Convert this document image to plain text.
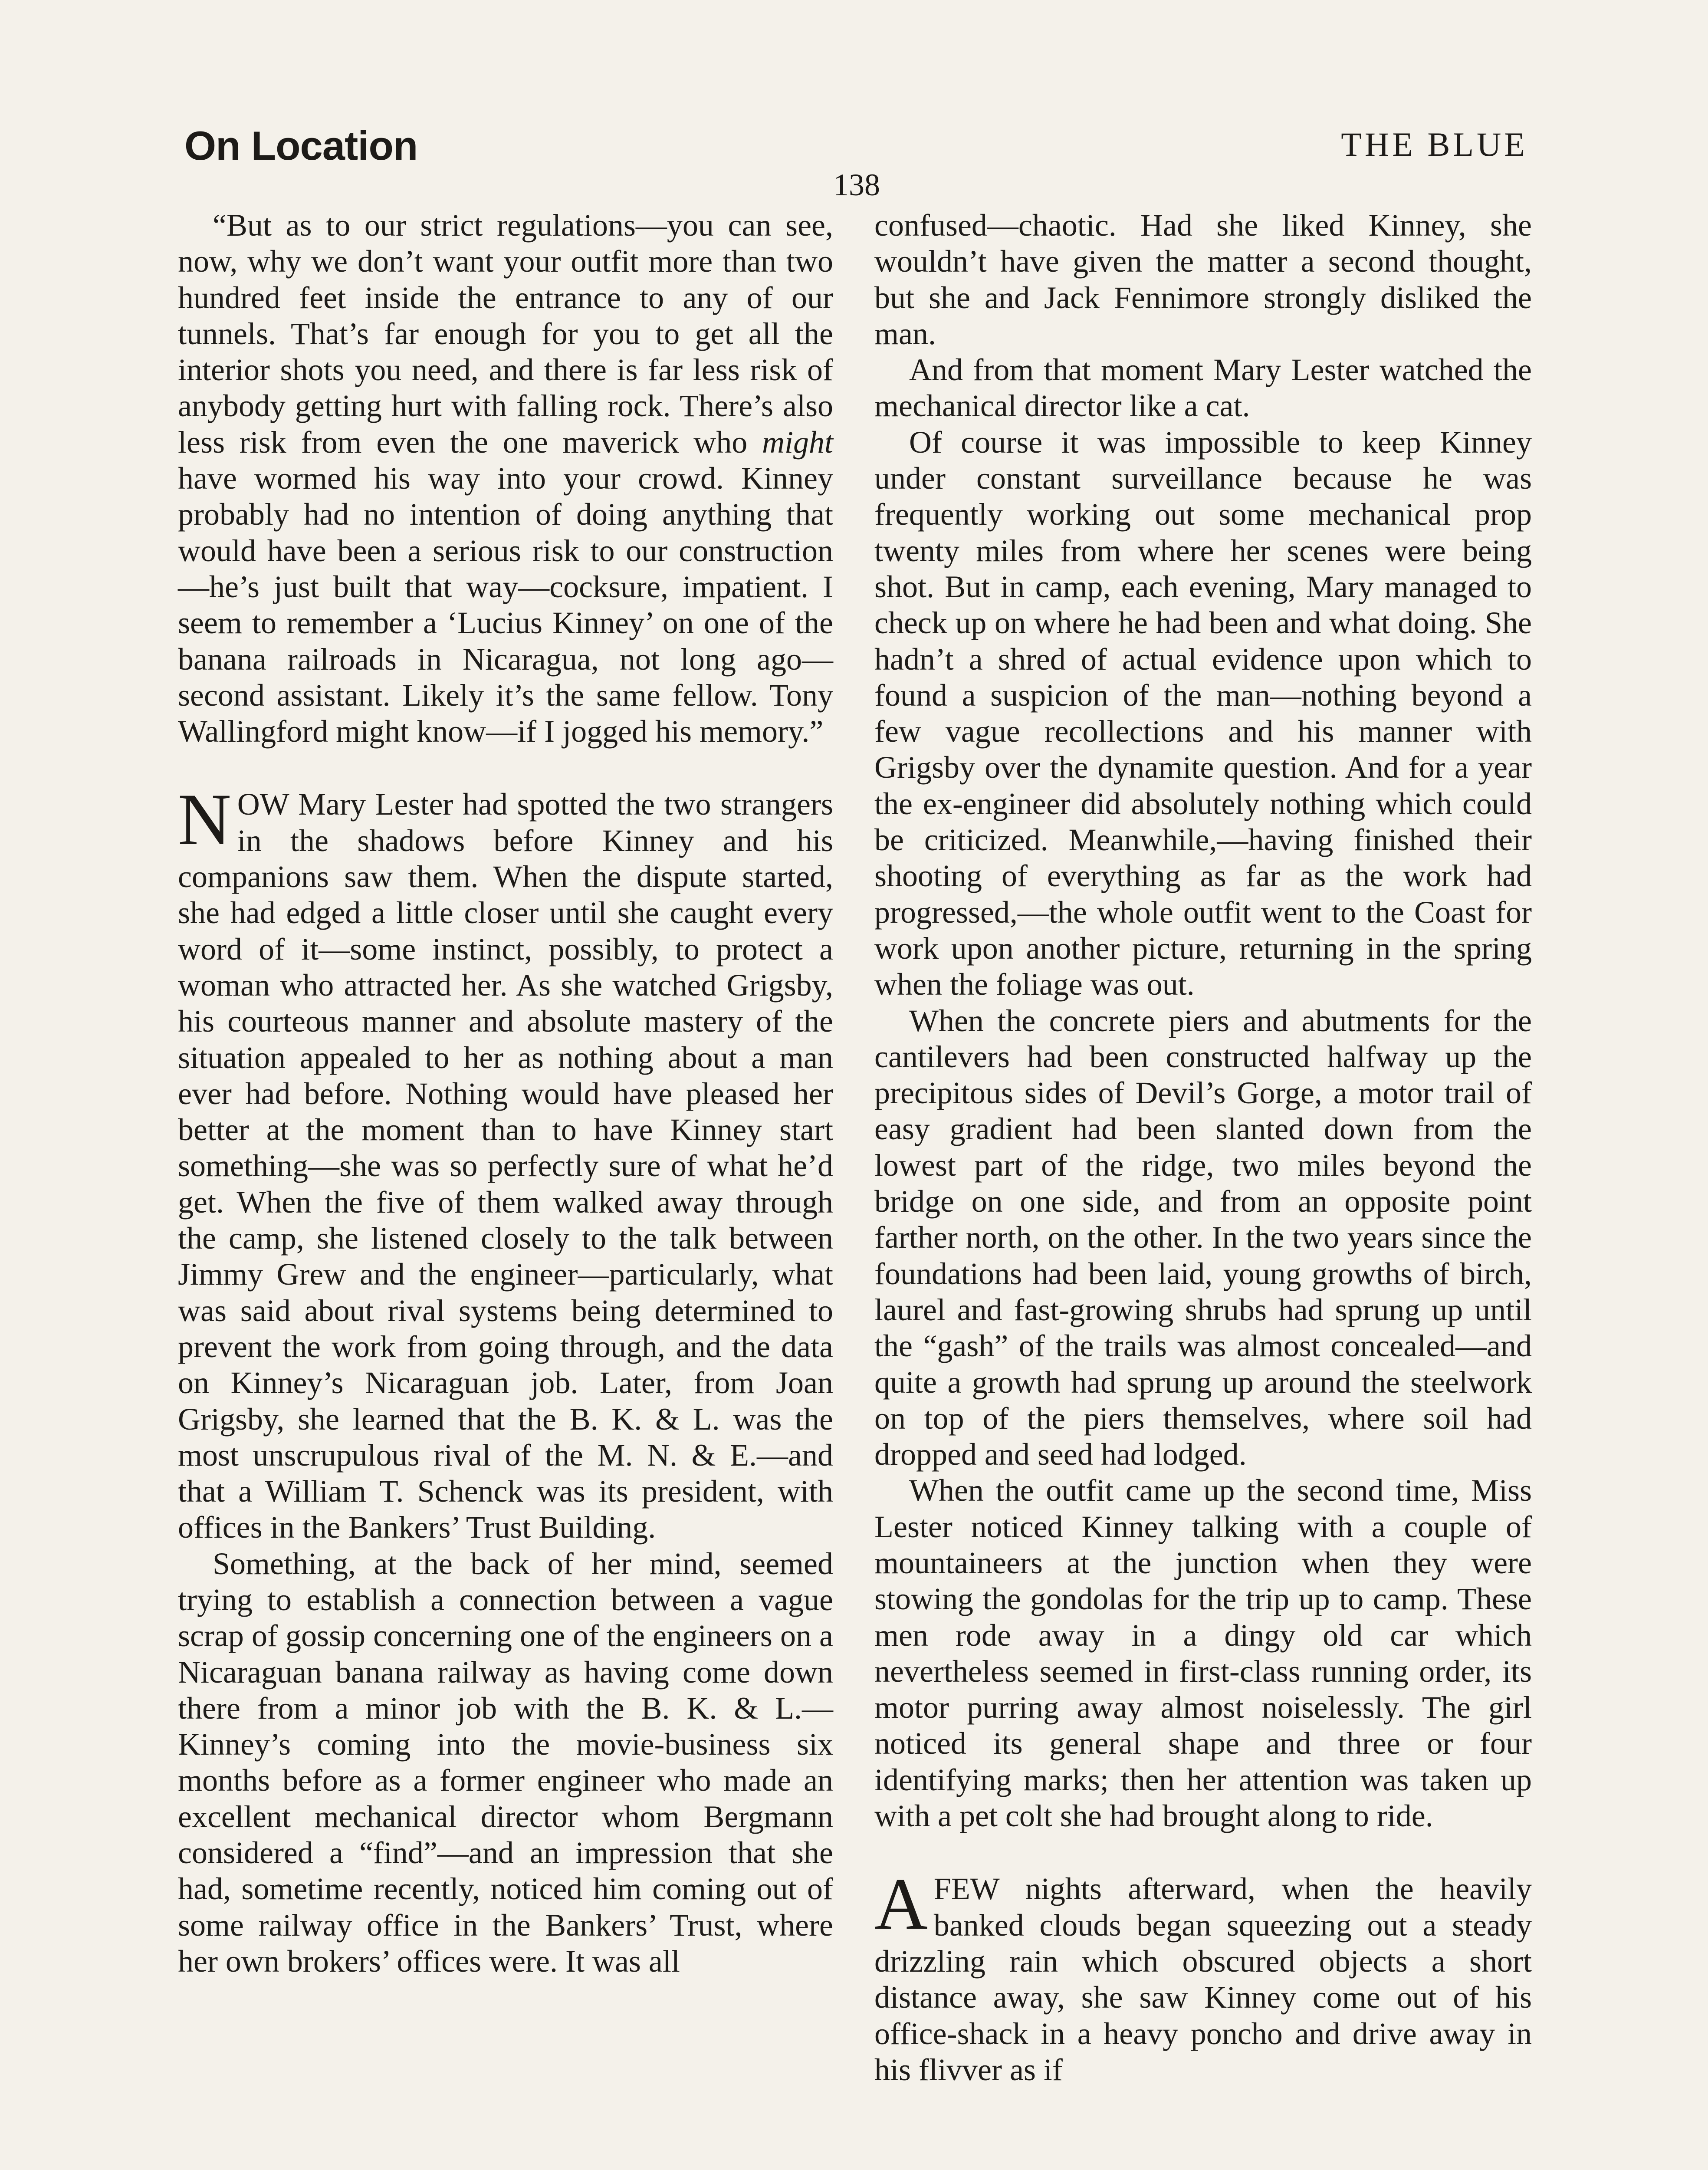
On Location	THE BLUE
138

“But as to our strict regulations—you can see, now, why we don’t want your outfit more than two hundred feet inside the entrance to any of our tunnels. That’s far enough for you to get all the interior shots you need, and there is far less risk of anybody getting hurt with falling rock. There’s also less risk from even the one maverick who might have wormed his way into your crowd. Kinney probably had no intention of doing anything that would have been a serious risk to our construction—he’s just built that way—cocksure, impatient. I seem to remember a ‘Lucius Kinney’ on one of the banana railroads in Nicaragua, not long ago—second assistant. Likely it’s the same fellow. Tony Wallingford might know—if I jogged his memory.”

NOW Mary Lester had spotted the two strangers in the shadows before Kinney and his companions saw them. When the dispute started, she had edged a little closer until she caught every word of it—some instinct, possibly, to protect a woman who attracted her. As she watched Grigsby, his courteous manner and absolute mastery of the situation appealed to her as nothing about a man ever had before. Nothing would have pleased her better at the moment than to have Kinney start something—she was so perfectly sure of what he’d get. When the five of them walked away through the camp, she listened closely to the talk between Jimmy Grew and the engineer—particularly, what was said about rival systems being determined to prevent the work from going through, and the data on Kinney’s Nicaraguan job. Later, from Joan Grigsby, she learned that the B. K. & L. was the most unscrupulous rival of the M. N. & E.—and that a William T. Schenck was its president, with offices in the Bankers’ Trust Building.

Something, at the back of her mind, seemed trying to establish a connection between a vague scrap of gossip concerning one of the engineers on a Nicaraguan banana railway as having come down there from a minor job with the B. K. & L.—Kinney’s coming into the movie-business six months before as a former engineer who made an excellent mechanical director whom Bergmann considered a “find”—and an impression that she had, sometime recently, noticed him coming out of some railway office in the Bankers’ Trust, where her own brokers’ offices were. It was all

confused—chaotic. Had she liked Kinney, she wouldn’t have given the matter a second thought, but she and Jack Fennimore strongly disliked the man.

And from that moment Mary Lester watched the mechanical director like a cat.

Of course it was impossible to keep Kinney under constant surveillance because he was frequently working out some mechanical prop twenty miles from where her scenes were being shot. But in camp, each evening, Mary managed to check up on where he had been and what doing. She hadn’t a shred of actual evidence upon which to found a suspicion of the man—nothing beyond a few vague recollections and his manner with Grigsby over the dynamite question. And for a year the ex-engineer did absolutely nothing which could be criticized. Meanwhile,—having finished their shooting of everything as far as the work had progressed,—the whole outfit went to the Coast for work upon another picture, returning in the spring when the foliage was out.

When the concrete piers and abutments for the cantilevers had been constructed halfway up the precipitous sides of Devil’s Gorge, a motor trail of easy gradient had been slanted down from the lowest part of the ridge, two miles beyond the bridge on one side, and from an opposite point farther north, on the other. In the two years since the foundations had been laid, young growths of birch, laurel and fast-growing shrubs had sprung up until the “gash” of the trails was almost concealed—and quite a growth had sprung up around the steelwork on top of the piers themselves, where soil had dropped and seed had lodged.

When the outfit came up the second time, Miss Lester noticed Kinney talking with a couple of mountaineers at the junction when they were stowing the gondolas for the trip up to camp. These men rode away in a dingy old car which nevertheless seemed in first-class running order, its motor purring away almost noiselessly. The girl noticed its general shape and three or four identifying marks; then her attention was taken up with a pet colt she had brought along to ride.

AFEW nights afterward, when the heavily banked clouds began squeezing out a steady drizzling rain which obscured objects a short distance away, she saw Kinney come out of his office-shack in a heavy poncho and drive away in his flivver as if
